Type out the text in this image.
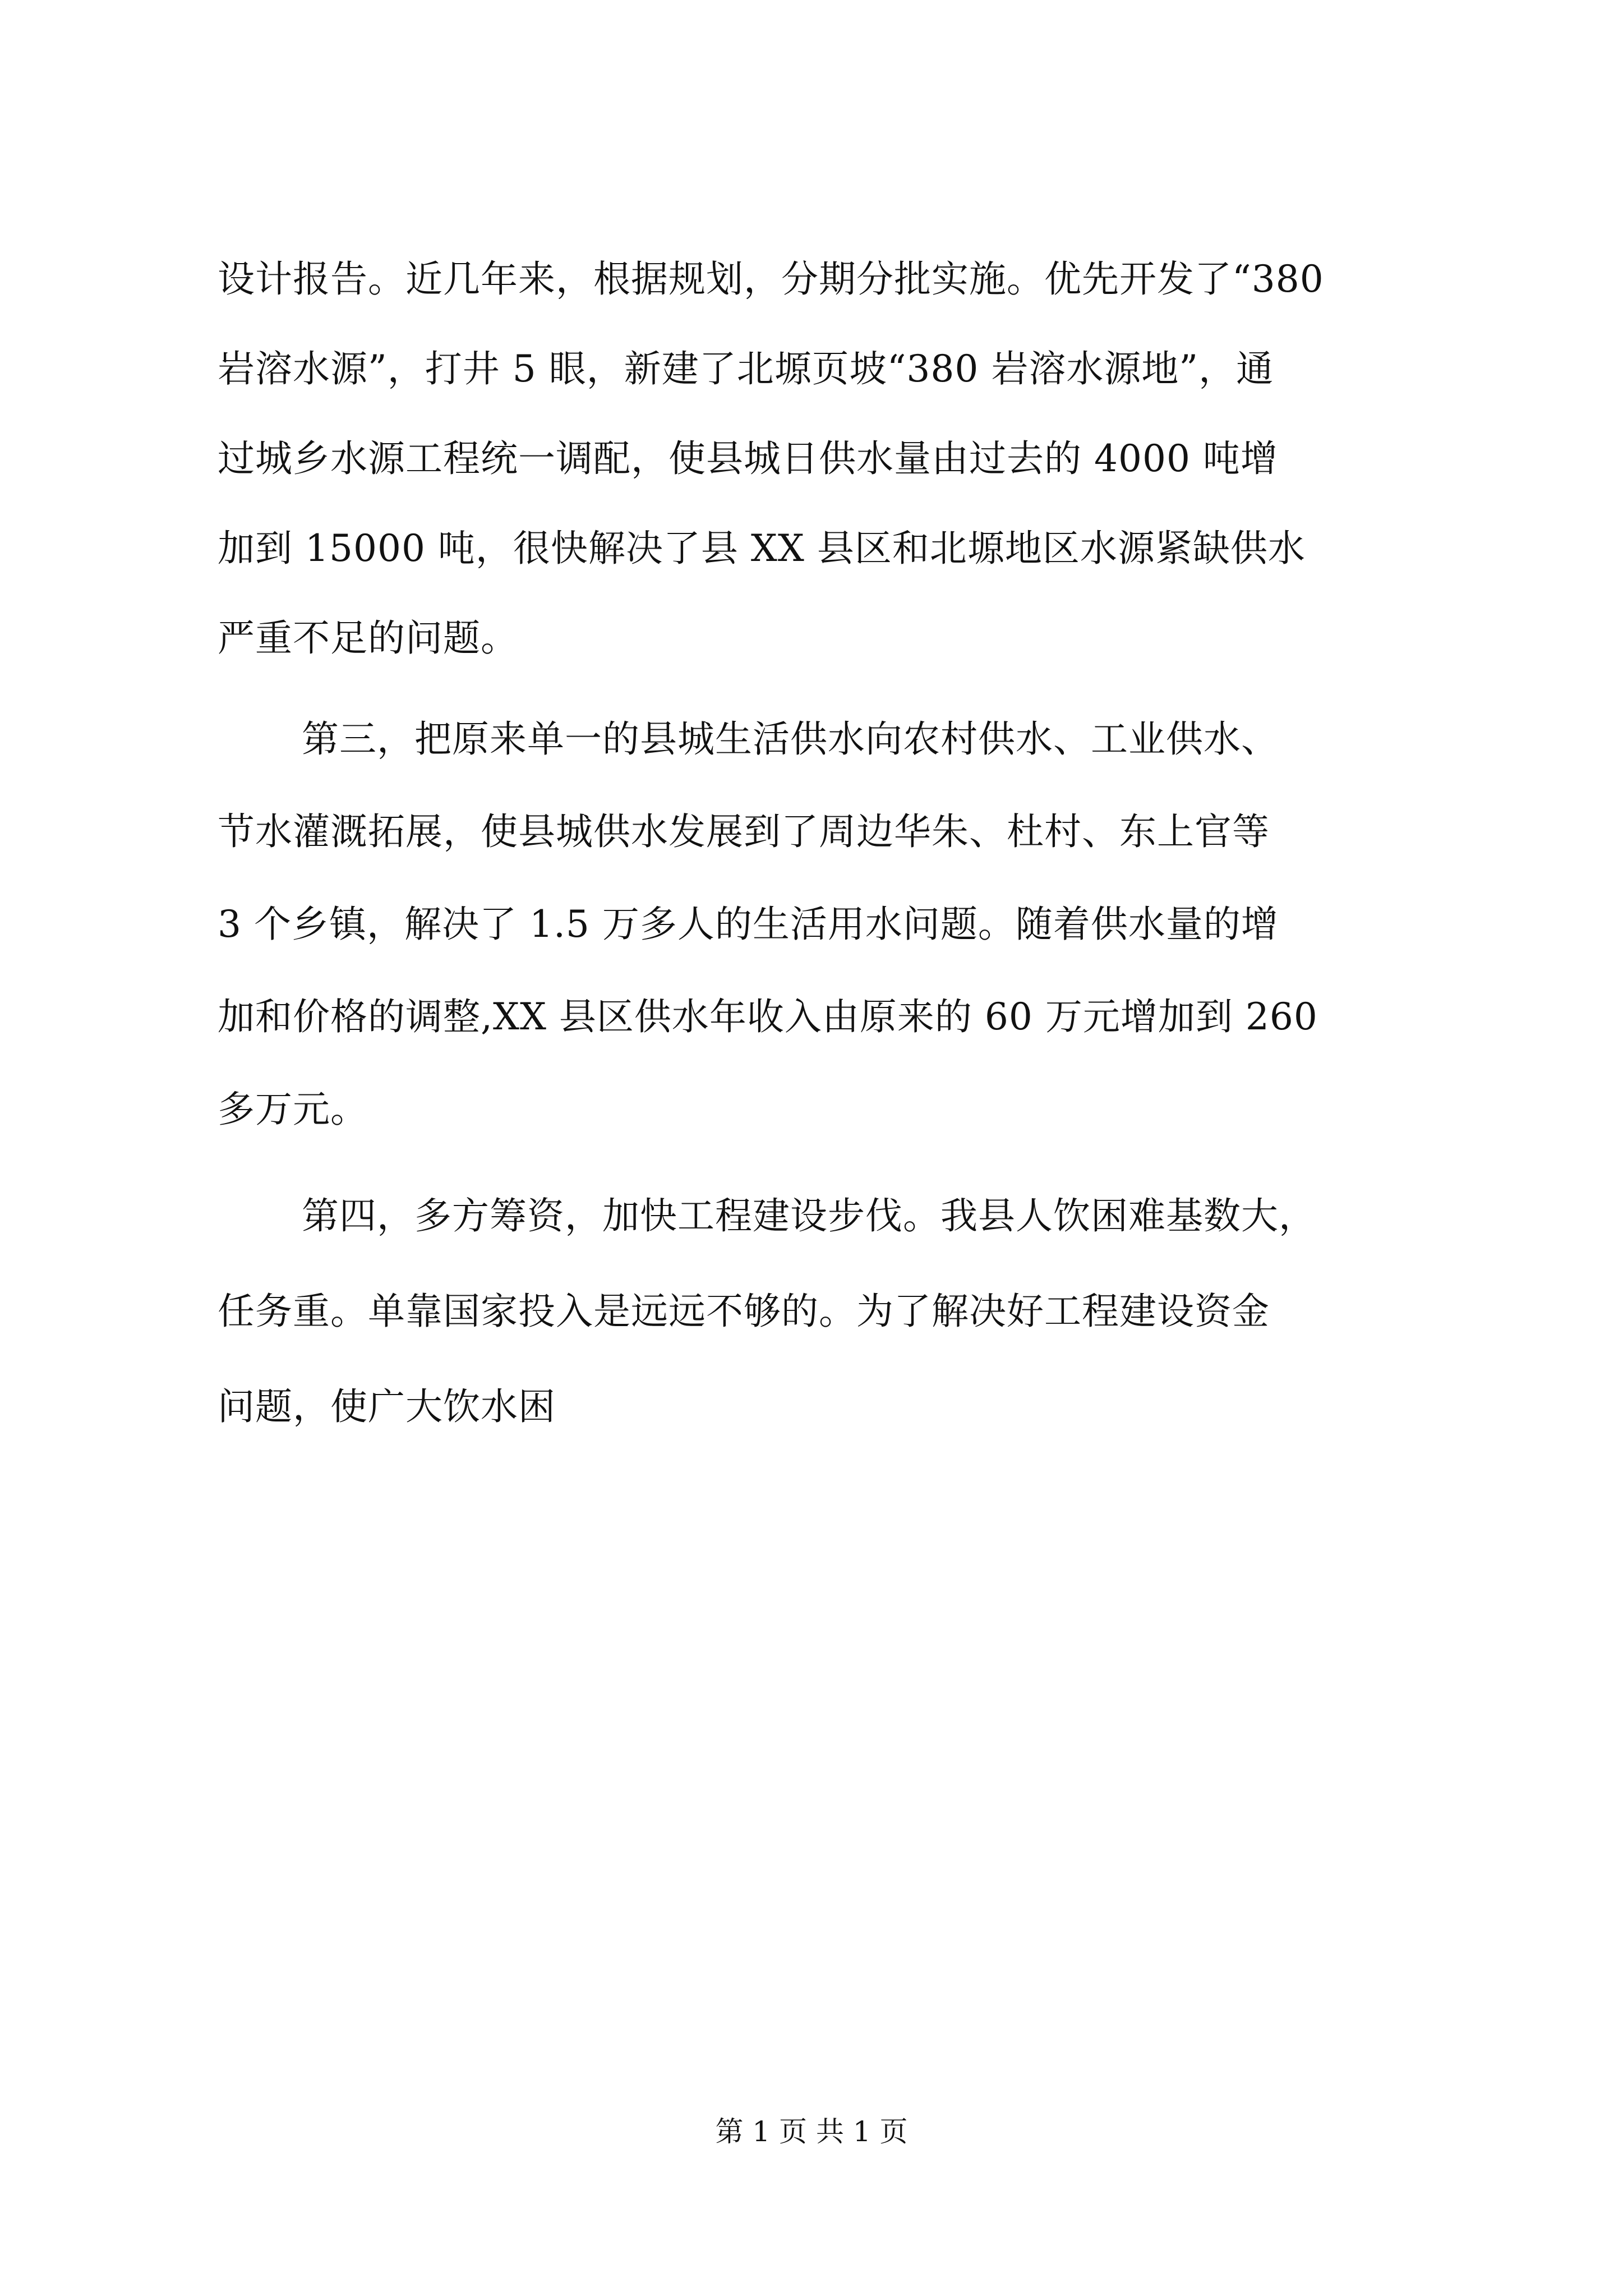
设计报告。近几年来，根据规划，分期分批实施。优先开发了“380
岩溶水源”，打井 5 眼，新建了北塬页坡“380 岩溶水源地”，通
过城乡水源工程统一调配，使县城日供水量由过去的 4000 吨增
加到 15000 吨，很快解决了县 XX 县区和北塬地区水源紧缺供水
严重不足的问题。
第三，把原来单一的县城生活供水向农村供水、工业供水、
节水灌溉拓展，使县城供水发展到了周边华朱、杜村、东上官等
3 个乡镇，解决了 1.5 万多人的生活用水问题。随着供水量的增
加和价格的调整,XX 县区供水年收入由原来的 60 万元增加到 260
多万元。
第四，多方筹资，加快工程建设步伐。我县人饮困难基数大，
任务重。单靠国家投入是远远不够的。为了解决好工程建设资金
问题，使广大饮水困
第 1 页 共 1 页
